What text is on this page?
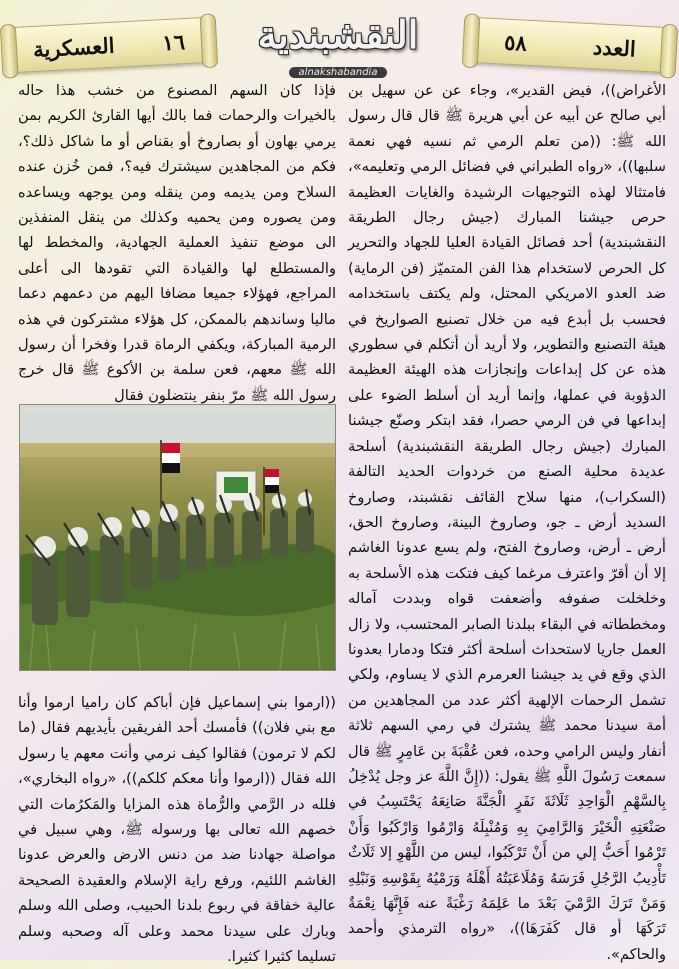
العدد
٥٨
النقشبندية
alnakshabandia
١٦
العسكرية

الأغراض))، فيض القدير»، وجاء عن عن سهيل بن أبي صالح عن أبيه عن أبي هريرة ﷺ قال قال رسول الله ﷺ: ((من تعلم الرمي ثم نسيه فهي نعمة سلبها))، «رواه الطبراني في فضائل الرمي وتعليمه»، فامتثالا لهذه التوجيهات الرشيدة والغايات العظيمة حرص جيشنا المبارك (جيش رجال الطريقة النقشبندية) أحد فصائل القيادة العليا للجهاد والتحرير كل الحرص لاستخدام هذا الفن المتميّز (فن الرماية) ضد العدو الامريكي المحتل، ولم يكتف باستخدامه فحسب بل أبدع فيه من خلال تصنيع الصواريخ في هيئة التصنيع والتطوير، ولا أريد أن أتكلم في سطوري هذه عن كل إبداعات وإنجازات هذه الهيئة العظيمة الدؤوبة في عملها، وإنما أريد أن أسلط الضوء على إبداعها في فن الرمي حصرا، فقد ابتكر وصنّع جيشنا المبارك (جيش رجال الطريقة النقشبندية) أسلحة عديدة محلية الصنع من خردوات الحديد التالفة (السكراب)، منها سلاح القائف نقشبند، وصاروخ السديد أرض ـ جو، وصاروخ البينة، وصاروخ الحق، أرض ـ أرض، وصاروخ الفتح، ولم يسع عدونا الغاشم إلا أن أقرّ واعترف مرغما كيف فتكت هذه الأسلحة به وخلخلت صفوفه وأضعفت قواه وبددت آماله ومخططاته في البقاء ببلدنا الصابر المحتسب، ولا زال العمل جاريا لاستحداث أسلحة أكثر فتكا ودمارا بعدونا الذي وقع في يد جيشنا العرمرم الذي لا يساوم، ولكي تشمل الرحمات الإلهية أكثر عدد من المجاهدين من أمة سيدنا محمد ﷺ يشترك في رمي السهم ثلاثة أنفار وليس الرامي وحده، فعن عُقْبَةَ بن عَامِرٍ ﷺ قال سمعت رَسُولَ اللَّهِ ﷺ يقول: ((إِنَّ اللَّهَ عز وجل يُدْخِلُ بِالسَّهْمِ الْوَاحِدِ ثَلَاثَةَ نَفَرٍ الْجَنَّةَ صَانِعَهُ يَحْتَسِبُ في صَنْعَتِهِ الْخَيْرَ وَالرَّامِيَ بِهِ وَمُنْبِلَهُ وَارْمُوا وَارْكَبُوا وَأَنْ تَرْمُوا أَحَبُّ إلي من أَنْ تَرْكَبُوا، ليس من اللَّهْوِ إلا ثَلَاثٌ تَأْدِيبُ الرَّجُلِ فَرَسَهُ وَمُلَاعَبَتُهُ أَهْلَهُ وَرَمْيُهُ بِقَوْسِهِ وَنَبْلِهِ وَمَنْ تَرَكَ الرَّمْيَ بَعْدَ ما عَلِمَهُ رَغْبَةً عنه فَإِنَّهَا نِعْمَةٌ تَرَكَهَا أو قال كَفَرَهَا))، «رواه الترمذي وأحمد والحاكم».

فإذا كان السهم المصنوع من خشب هذا حاله بالخيرات والرحمات فما بالك أيها القارئ الكريم بمن يرمي بهاون أو بصاروخ أو بقناص أو ما شاكل ذلك؟، فكم من المجاهدين سيشترك فيه؟، فمن خُزن عنده السلاح ومن يديمه ومن ينقله ومن يوجهه ويساعده ومن يصوره ومن يحميه وكذلك من ينقل المنفذين الى موضع تنفيذ العملية الجهادية، والمخطط لها والمستطلع لها والقيادة التي تقودها الى أعلى المراجع، فهؤلاء جميعا مضافا اليهم من دعمهم دعما ماليا وساندهم بالممكن، كل هؤلاء مشتركون في هذه الرمية المباركة، ويكفي الرماة قدرا وفخرا أن رسول الله ﷺ معهم، فعن سلمة بن الأكوع ﷺ قال خرج رسول الله ﷺ مرّ بنفر ينتضلون فقال

((ارموا بني إسماعيل فإن أباكم كان راميا ارموا وأنا مع بني فلان)) فأمسك أحد الفريقين بأيديهم فقال (ما لكم لا ترمون) فقالوا كيف نرمي وأنت معهم يا رسول الله فقال ((ارموا وأنا معكم كلكم))، «رواه البخاري»، فلله در الرَّمي والرُّماة هذه المزايا والمَكرُمات التي خصهم الله تعالى بها ورسوله ﷺ، وهي سبيل في مواصلة جهادنا ضد من دنس الارض والعرض عدونا الغاشم اللئيم، ورفع راية الإسلام والعقيدة الصحيحة عالية خفاقة في ربوع بلدنا الحبيب، وصلى الله وسلم وبارك على سيدنا محمد وعلى آله وصحبه وسلم تسليما كثيرا كثيرا.
